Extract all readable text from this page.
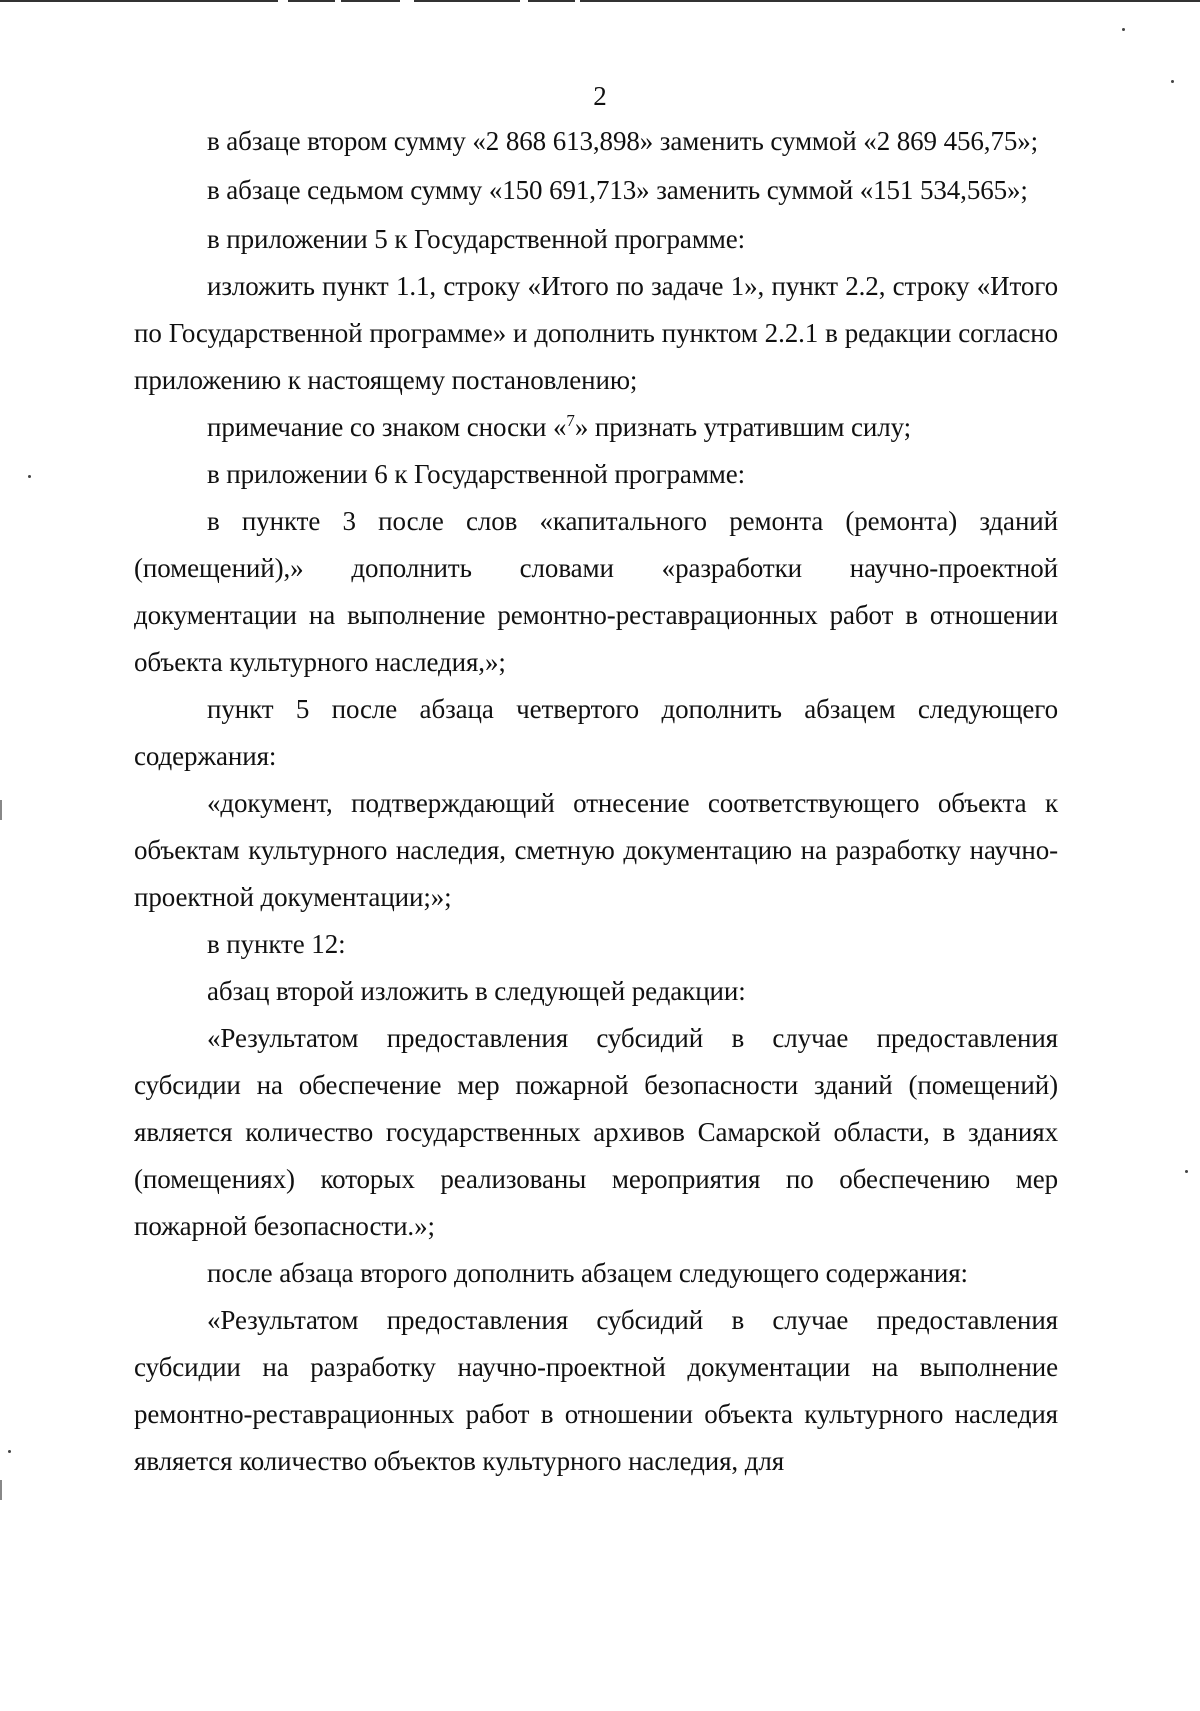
2

в абзаце втором сумму «2 868 613,898» заменить суммой «2 869 456,75»;

в абзаце седьмом сумму «150 691,713» заменить суммой «151 534,565»;

в приложении 5 к Государственной программе:

изложить пункт 1.1, строку «Итого по задаче 1», пункт 2.2, строку «Итого по Государственной программе» и дополнить пунктом 2.2.1 в редакции согласно приложению к настоящему постановлению;

примечание со знаком сноски «$^7$» признать утратившим силу;

в приложении 6 к Государственной программе:

в пункте 3 после слов «капитального ремонта (ремонта) зданий (помещений),» дополнить словами «разработки научно-проектной документации на выполнение ремонтно-реставрационных работ в отношении объекта культурного наследия,»;

пункт 5 после абзаца четвертого дополнить абзацем следующего содержания:

«документ, подтверждающий отнесение соответствующего объекта к объектам культурного наследия, сметную документацию на разработку научно-проектной документации;»;

в пункте 12:

абзац второй изложить в следующей редакции:

«Результатом предоставления субсидий в случае предоставления субсидии на обеспечение мер пожарной безопасности зданий (помещений) является количество государственных архивов Самарской области, в зданиях (помещениях) которых реализованы мероприятия по обеспечению мер пожарной безопасности.»;

после абзаца второго дополнить абзацем следующего содержания:

«Результатом предоставления субсидий в случае предоставления субсидии на разработку научно-проектной документации на выполнение ремонтно-реставрационных работ в отношении объекта культурного наследия является количество объектов культурного наследия, для
